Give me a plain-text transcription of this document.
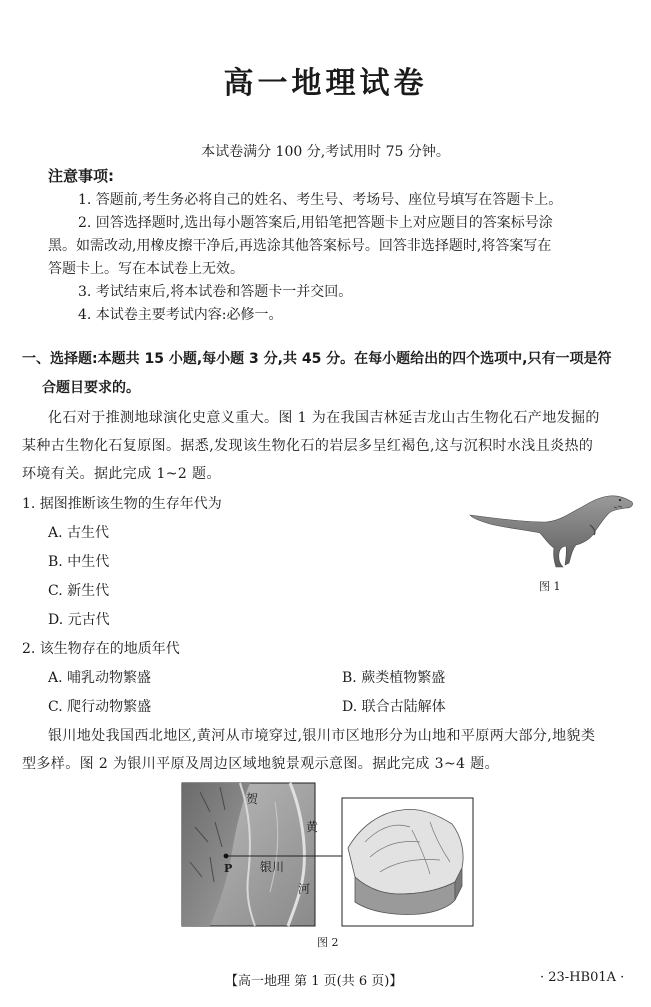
高一地理试卷
本试卷满分 100 分,考试用时 75 分钟。
注意事项:
1. 答题前,考生务必将自己的姓名、考生号、考场号、座位号填写在答题卡上。
2. 回答选择题时,选出每小题答案后,用铅笔把答题卡上对应题目的答案标号涂
黑。如需改动,用橡皮擦干净后,再选涂其他答案标号。回答非选择题时,将答案写在
答题卡上。写在本试卷上无效。
3. 考试结束后,将本试卷和答题卡一并交回。
4. 本试卷主要考试内容:必修一。
一、选择题:本题共 15 小题,每小题 3 分,共 45 分。在每小题给出的四个选项中,只有一项是符
合题目要求的。
化石对于推测地球演化史意义重大。图 1 为在我国吉林延吉龙山古生物化石产地发掘的
某种古生物化石复原图。据悉,发现该生物化石的岩层多呈红褐色,这与沉积时水浅且炎热的
环境有关。据此完成 1~2 题。
1. 据图推断该生物的生存年代为
A. 古生代
B. 中生代
C. 新生代
D. 元古代
图 1
2. 该生物存在的地质年代
A. 哺乳动物繁盛	B. 蕨类植物繁盛
C. 爬行动物繁盛	D. 联合古陆解体
银川地处我国西北地区,黄河从市境穿过,银川市区地形分为山地和平原两大部分,地貌类
型多样。图 2 为银川平原及周边区域地貌景观示意图。据此完成 3~4 题。
贺
黄
银川
P
河
图 2
【高一地理 第 1 页(共 6 页)】	· 23-HB01A ·
